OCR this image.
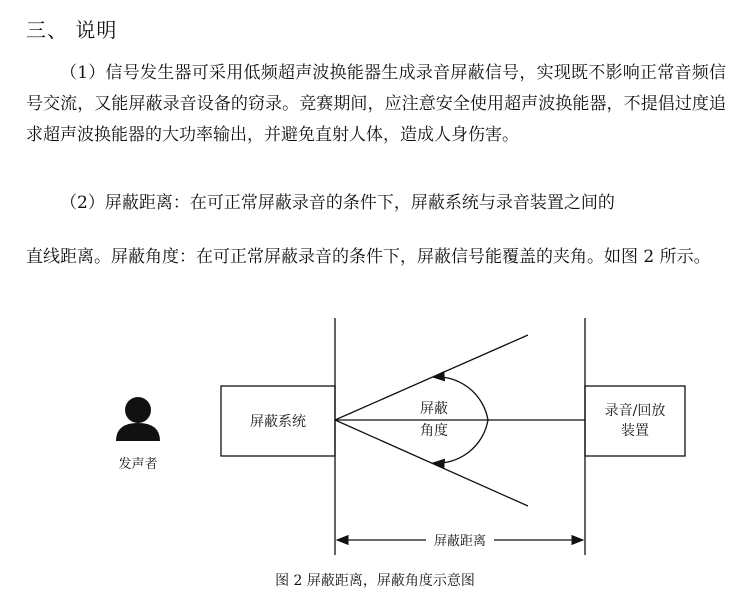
三、 说明
（1）信号发生器可采用低频超声波换能器生成录音屏蔽信号，实现既不影响正常音频信号交流，又能屏蔽录音设备的窃录。竞赛期间，应注意安全使用超声波换能器，不提倡过度追求超声波换能器的大功率输出，并避免直射人体，造成人身伤害。
（2）屏蔽距离：在可正常屏蔽录音的条件下，屏蔽系统与录音装置之间的
直线距离。屏蔽角度：在可正常屏蔽录音的条件下，屏蔽信号能覆盖的夹角。如图 2 所示。
发声者
屏蔽系统
屏蔽
角度
录音/回放
装置
屏蔽距离
图 2 屏蔽距离，屏蔽角度示意图
